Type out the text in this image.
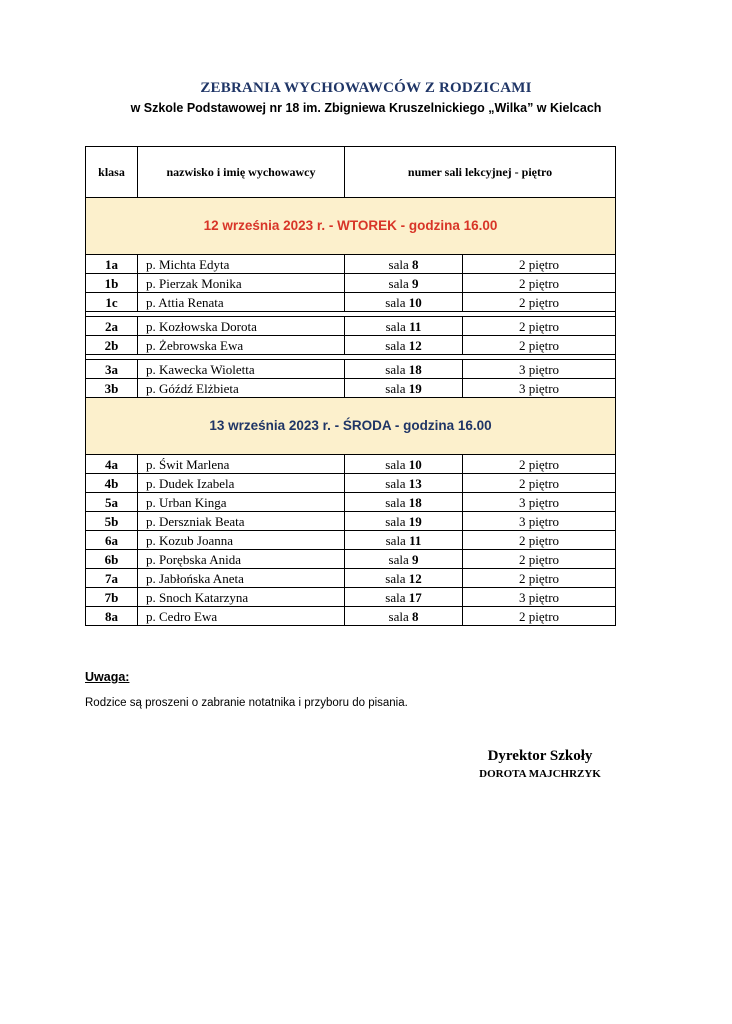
ZEBRANIA WYCHOWAWCÓW Z RODZICAMI
w Szkole Podstawowej nr 18 im. Zbigniewa Kruszelnickiego „Wilka” w Kielcach
klasa	nazwisko i imię wychowawcy	numer sali lekcyjnej - piętro	
12 września 2023 r. - WTOREK - godzina 16.00			
1a	p. Michta Edyta	sala 8	2 piętro
1b	p. Pierzak Monika	sala 9	2 piętro
1c	p. Attia Renata	sala 10	2 piętro

2a	p. Kozłowska Dorota	sala 11	2 piętro
2b	p. Żebrowska Ewa	sala 12	2 piętro

3a	p. Kawecka Wioletta	sala 18	3 piętro
3b	p. Góźdź Elżbieta	sala 19	3 piętro
13 września 2023 r. - ŚRODA - godzina 16.00			
4a	p. Świt Marlena	sala 10	2 piętro
4b	p. Dudek Izabela	sala 13	2 piętro
5a	p. Urban Kinga	sala 18	3 piętro
5b	p. Derszniak Beata	sala 19	3 piętro
6a	p. Kozub Joanna	sala 11	2 piętro
6b	p. Porębska Anida	sala 9	2 piętro
7a	p. Jabłońska Aneta	sala 12	2 piętro
7b	p. Snoch Katarzyna	sala 17	3 piętro
8a	p. Cedro Ewa	sala 8	2 piętro
Uwaga:
Rodzice są proszeni o zabranie notatnika i przyboru do pisania.
Dyrektor Szkoły
DOROTA MAJCHRZYK
